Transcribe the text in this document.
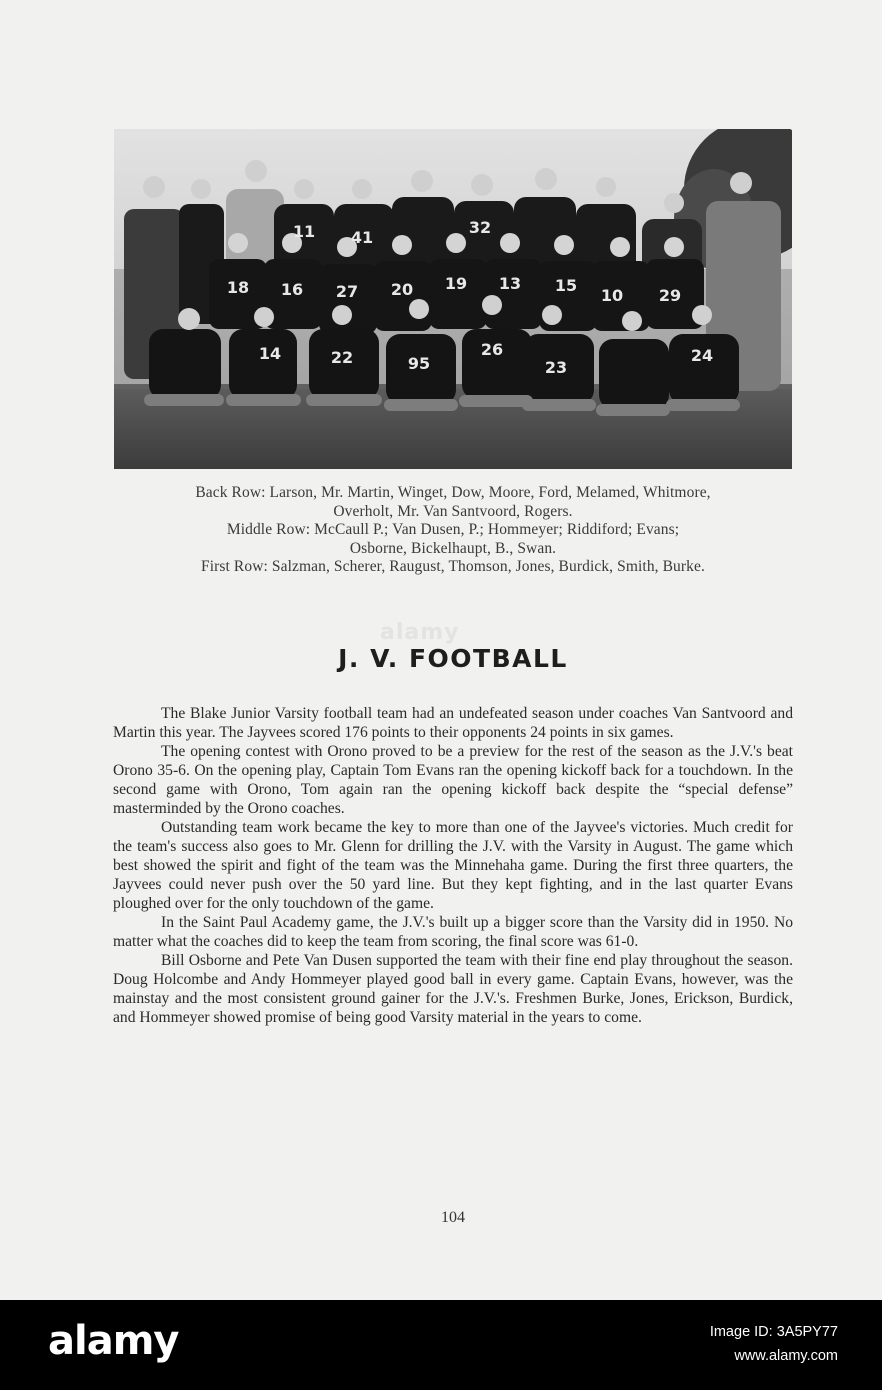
alamy
11 41
32
18 16 27 20 19 13 15
10 29
14	22	95
26
23
24
Back Row: Larson, Mr. Martin, Winget, Dow, Moore, Ford, Melamed, Whitmore,
Overholt, Mr. Van Santvoord, Rogers.
Middle Row: McCaull P.; Van Dusen, P.; Hommeyer; Riddiford; Evans;
Osborne, Bickelhaupt, B., Swan.
First Row: Salzman, Scherer, Raugust, Thomson, Jones, Burdick, Smith, Burke.
J. V. FOOTBALL

The Blake Junior Varsity football team had an undefeated season under coaches Van Santvoord and Martin this year. The Jayvees scored 176 points to their opponents 24 points in six games.

The opening contest with Orono proved to be a preview for the rest of the season as the J.V.'s beat Orono 35-6. On the opening play, Captain Tom Evans ran the opening kickoff back for a touchdown. In the second game with Orono, Tom again ran the opening kickoff back despite the “special defense” masterminded by the Orono coaches.

Outstanding team work became the key to more than one of the Jayvee's victories. Much credit for the team's success also goes to Mr. Glenn for drilling the J.V. with the Varsity in August. The game which best showed the spirit and fight of the team was the Minnehaha game. During the first three quarters, the Jayvees could never push over the 50 yard line. But they kept fighting, and in the last quarter Evans ploughed over for the only touchdown of the game.

In the Saint Paul Academy game, the J.V.'s built up a bigger score than the Varsity did in 1950. No matter what the coaches did to keep the team from scoring, the final score was 61-0.

Bill Osborne and Pete Van Dusen supported the team with their fine end play throughout the season. Doug Holcombe and Andy Hommeyer played good ball in every game. Captain Evans, however, was the mainstay and the most consistent ground gainer for the J.V.'s. Freshmen Burke, Jones, Erickson, Burdick, and Hommeyer showed promise of being good Varsity material in the years to come.

104
alamy	Image ID: 3A5PY77
www.alamy.com
